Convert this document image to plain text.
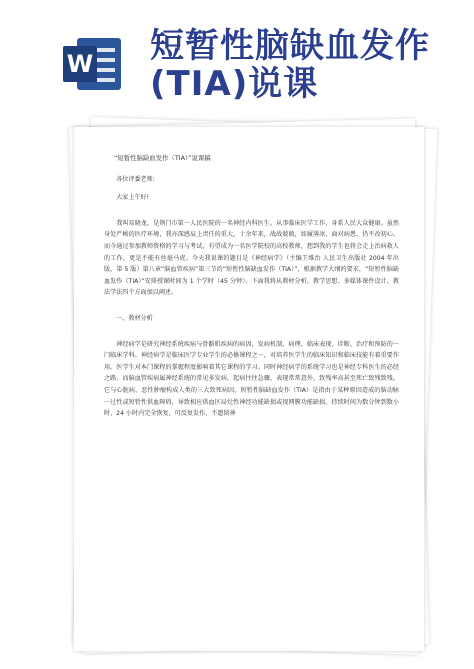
W 短暂性脑缺血发作
(TIA)说课
“短暂性脑缺血发作（TIA）”说课稿

各位评委老师:

大家上午好!

我叫易晓龙，是荆门市第一人民医院的一名神经内科医生。从事临床医学工作，身系人民大众健康。虽然身处严峻的医疗环境，我亦深感肩上责任的重大，十余年来，战战兢兢，如履薄冰，面对病患，仍不改初心。而今通过参加教师资格的学习与考试，有望成为一名医学院校的高校教师，想到我的学生也将会走上治病救人的工作，更是不能有丝毫马虎。今天我说课的题目是《神经病学》（主编王维治 人民卫生出版社 2004 年出版，第 5 版）第八章“脑血管疾病”第三节的“短暂性脑缺血发作（TIA）”，根据教学大纲的要求，“短暂性脑缺血发作（TIA）”安排授课时间为 1 个学时（45 分钟）。下面我将从教材分析、教学思想、多媒体课件设计、教法学法四个方面加以阐述。

一、教材分析

神经病学是研究神经系统疾病与骨骼肌疾病的病因、发病机制、病理、临床表现、诊断、治疗和预防的一门临床学科。神经病学是临床医学专业学生的必修课程之一，对培养医学生的临床知识和临床技能有着重要作用。医学生对本门课程的掌握程度影响着其它课程的学习。同时神经病学的系统学习也是神经专科医生的必经之路。而脑血管疾病属神经系统的常见多发病，起病往往急骤，表现常常意外，致残率高甚至死亡致残致残。它与心脏病、恶性肿瘤构成人类的三大致死病因。短暂性脑缺血发作（TIA）是指由于某种原因造成的脑动脉一过性或短暂性供血障碍，导致相应供血区局灶性神经功能缺损或视网膜功能缺损。持续时间为数分钟到数小时，24 小时内完全恢复，可反复发作，不遗留神
